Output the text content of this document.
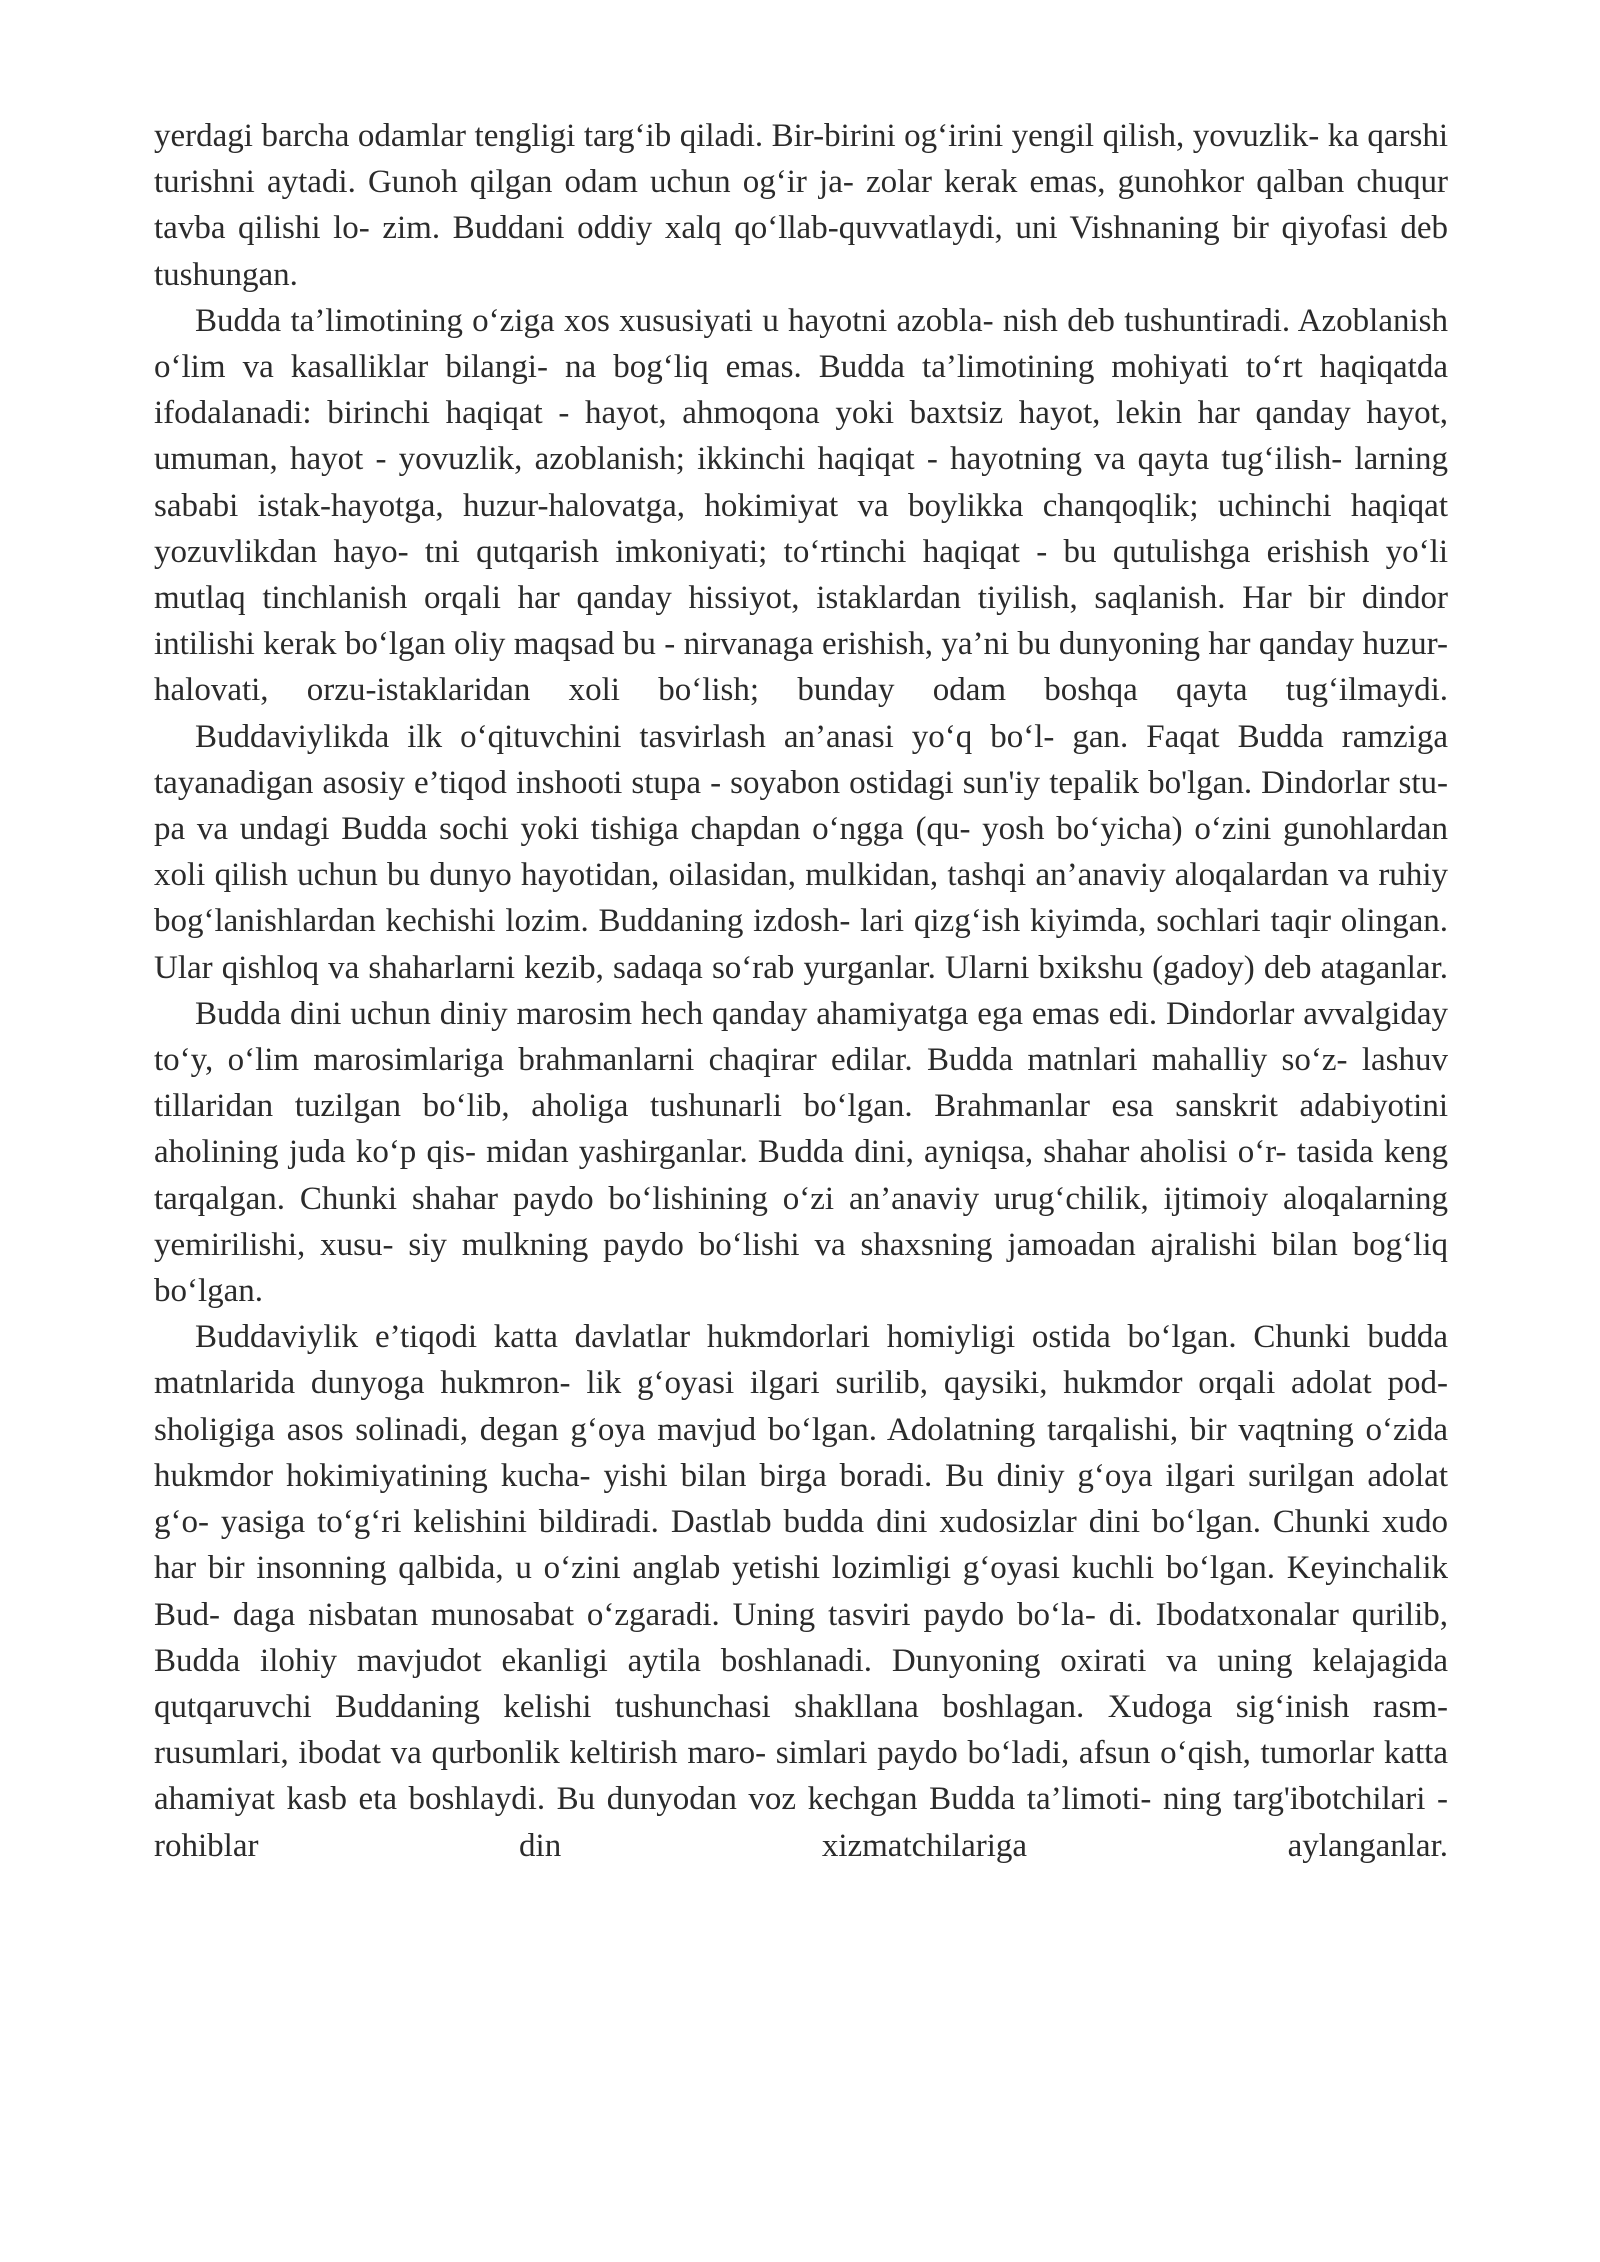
yerdagi barcha odamlar tengligi targ‘ib qiladi. Bir-birini og‘irini yengil qilish, yovuzlik- ka qarshi turishni aytadi. Gunoh qilgan odam uchun og‘ir ja- zolar kerak emas, gunohkor qalban chuqur tavba qilishi lo- zim. Buddani oddiy xalq qo‘llab-quvvatlaydi, uni Vishnaning bir qiyofasi deb tushungan.

Budda ta’limotining o‘ziga xos xususiyati u hayotni azobla- nish deb tushuntiradi. Azoblanish o‘lim va kasalliklar bilangi- na bog‘liq emas. Budda ta’limotining mohiyati to‘rt haqiqatda ifodalanadi: birinchi haqiqat - hayot, ahmoqona yoki baxtsiz hayot, lekin har qanday hayot, umuman, hayot - yovuzlik, azoblanish; ikkinchi haqiqat - hayotning va qayta tug‘ilish- larning sababi istak-hayotga, huzur-halovatga, hokimiyat va boylikka chanqoqlik; uchinchi haqiqat yozuvlikdan hayo- tni qutqarish imkoniyati; to‘rtinchi haqiqat - bu qutulishga erishish yo‘li mutlaq tinchlanish orqali har qanday hissiyot, istaklardan tiyilish, saqlanish. Har bir dindor intilishi kerak bo‘lgan oliy maqsad bu - nirvanaga erishish, ya’ni bu dunyoning har qanday huzur-halovati, orzu-istaklaridan xoli bo‘lish; bunday odam boshqa qayta tug‘ilmaydi.

Buddaviylikda ilk o‘qituvchini tasvirlash an’anasi yo‘q bo‘l- gan. Faqat Budda ramziga tayanadigan asosiy e’tiqod inshooti stupa - soyabon ostidagi sun'iy tepalik bo'lgan. Dindorlar stu- pa va undagi Budda sochi yoki tishiga chapdan o‘ngga (qu- yosh bo‘yicha) o‘zini gunohlardan xoli qilish uchun bu dunyo hayotidan, oilasidan, mulkidan, tashqi an’anaviy aloqalardan va ruhiy bog‘lanishlardan kechishi lozim. Buddaning izdosh- lari qizg‘ish kiyimda, sochlari taqir olingan. Ular qishloq va shaharlarni kezib, sadaqa so‘rab yurganlar. Ularni bxikshu (gadoy) deb ataganlar.

Budda dini uchun diniy marosim hech qanday ahamiyatga ega emas edi. Dindorlar avvalgiday to‘y, o‘lim marosimlariga brahmanlarni chaqirar edilar. Budda matnlari mahalliy so‘z- lashuv tillaridan tuzilgan bo‘lib, aholiga tushunarli bo‘lgan. Brahmanlar esa sanskrit adabiyotini aholining juda ko‘p qis- midan yashirganlar. Budda dini, ayniqsa, shahar aholisi o‘r- tasida keng tarqalgan. Chunki shahar paydo bo‘lishining o‘zi an’anaviy urug‘chilik, ijtimoiy aloqalarning yemirilishi, xusu- siy mulkning paydo bo‘lishi va shaxsning jamoadan ajralishi bilan bog‘liq bo‘lgan.

Buddaviylik e’tiqodi katta davlatlar hukmdorlari homiyligi ostida bo‘lgan. Chunki budda matnlarida dunyoga hukmron- lik g‘oyasi ilgari surilib, qaysiki, hukmdor orqali adolat pod- sholigiga asos solinadi, degan g‘oya mavjud bo‘lgan. Adolatning tarqalishi, bir vaqtning o‘zida hukmdor hokimiyatining kucha- yishi bilan birga boradi. Bu diniy g‘oya ilgari surilgan adolat g‘o- yasiga to‘g‘ri kelishini bildiradi. Dastlab budda dini xudosizlar dini bo‘lgan. Chunki xudo har bir insonning qalbida, u o‘zini anglab yetishi lozimligi g‘oyasi kuchli bo‘lgan. Keyinchalik Bud- daga nisbatan munosabat o‘zgaradi. Uning tasviri paydo bo‘la- di. Ibodatxonalar qurilib, Budda ilohiy mavjudot ekanligi aytila boshlanadi. Dunyoning oxirati va uning kelajagida qutqaruvchi Buddaning kelishi tushunchasi shakllana boshlagan. Xudoga sig‘inish rasm-rusumlari, ibodat va qurbonlik keltirish maro- simlari paydo bo‘ladi, afsun o‘qish, tumorlar katta ahamiyat kasb eta boshlaydi. Bu dunyodan voz kechgan Budda ta’limoti- ning targ'ibotchilari - rohiblar din xizmatchilariga aylanganlar.
